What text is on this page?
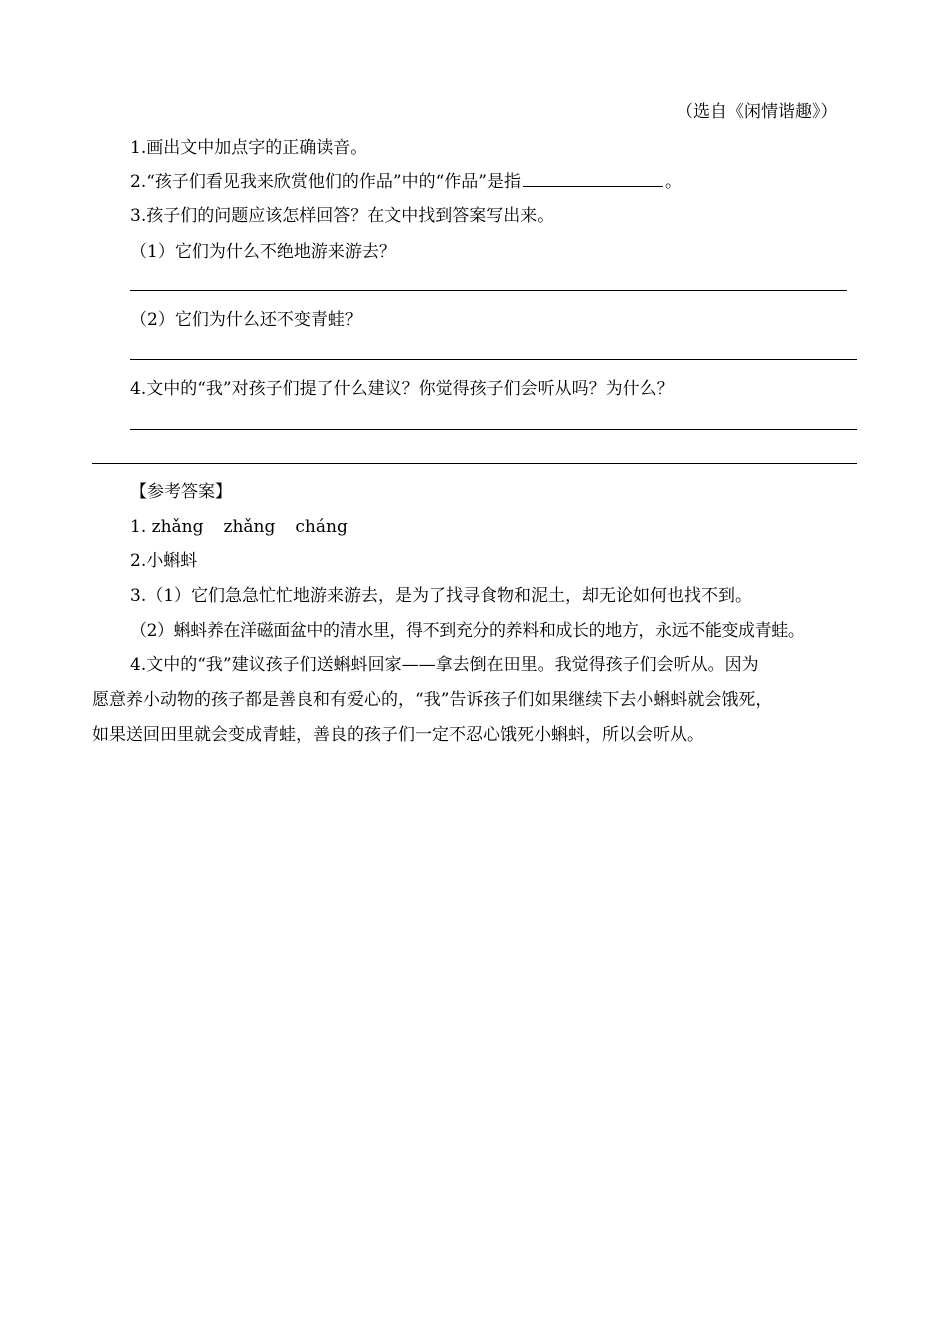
（选自《闲情谐趣》）
1.画出文中加点字的正确读音。
2.“孩子们看见我来欣赏他们的作品”中的“作品”是指	。
3.孩子们的问题应该怎样回答？在文中找到答案写出来。
（1）它们为什么不绝地游来游去？
（2）它们为什么还不变青蛙？
4.文中的“我”对孩子们提了什么建议？你觉得孩子们会听从吗？为什么？
【参考答案】
1. zhǎng zhǎng cháng
2.小蝌蚪
3.（1）它们急急忙忙地游来游去，是为了找寻食物和泥土，却无论如何也找不到。
（2）蝌蚪养在洋磁面盆中的清水里，得不到充分的养料和成长的地方，永远不能变成青蛙。
4.文中的“我”建议孩子们送蝌蚪回家——拿去倒在田里。我觉得孩子们会听从。因为
愿意养小动物的孩子都是善良和有爱心的，“我”告诉孩子们如果继续下去小蝌蚪就会饿死，
如果送回田里就会变成青蛙，善良的孩子们一定不忍心饿死小蝌蚪，所以会听从。
